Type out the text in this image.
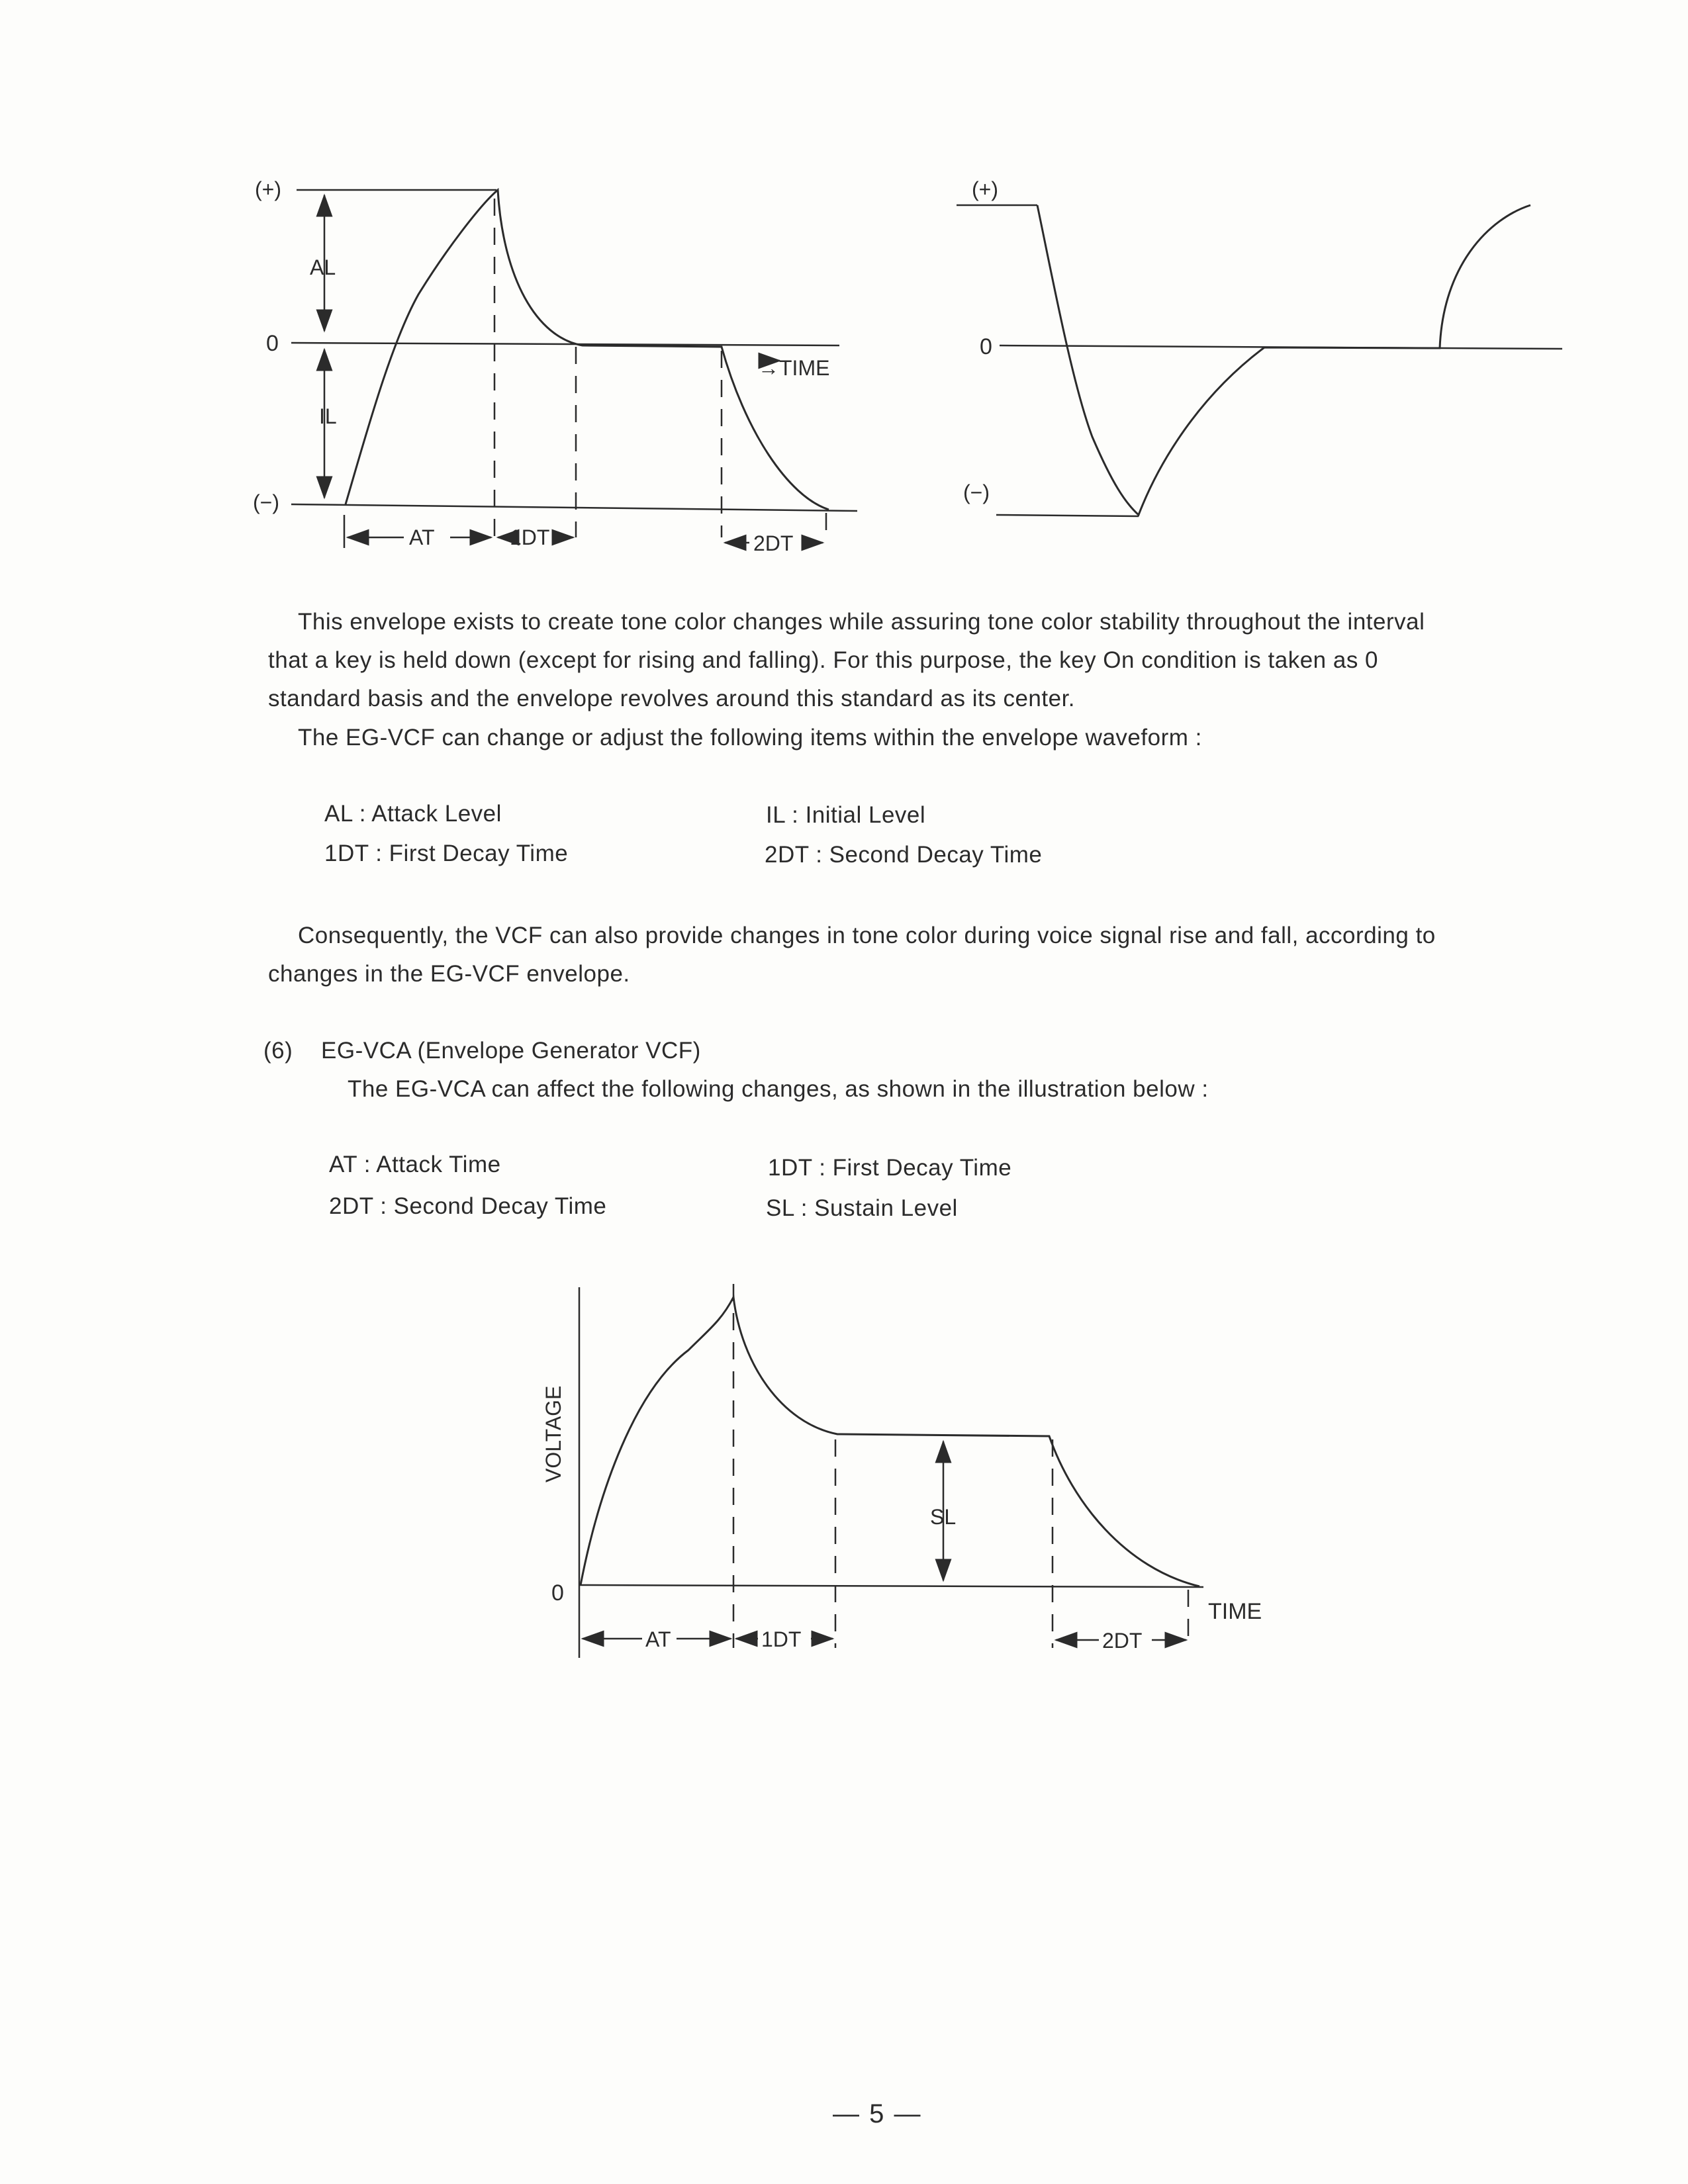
(+)
0
(−)
AL
IL
→TIME
AT	1DT	2DT
(+)
0
(−)

This envelope exists to create tone color changes while assuring tone color stability throughout the interval

that a key is held down (except for rising and falling). For this purpose, the key On condition is taken as 0

standard basis and the envelope revolves around this standard as its center.

The EG-VCF can change or adjust the following items within the envelope waveform :

AL : Attack Level	IL : Initial Level
1DT : First Decay Time	2DT : Second Decay Time

Consequently, the VCF can also provide changes in tone color during voice signal rise and fall, according to

changes in the EG-VCF envelope.

(6) EG-VCA (Envelope Generator VCF)
The EG-VCA can affect the following changes, as shown in the illustration below :
AT : Attack Time	1DT : First Decay Time
2DT : Second Decay Time	SL : Sustain Level
VOLTAGE
0
TIME
SL
AT	1DT	2DT
— 5 —
